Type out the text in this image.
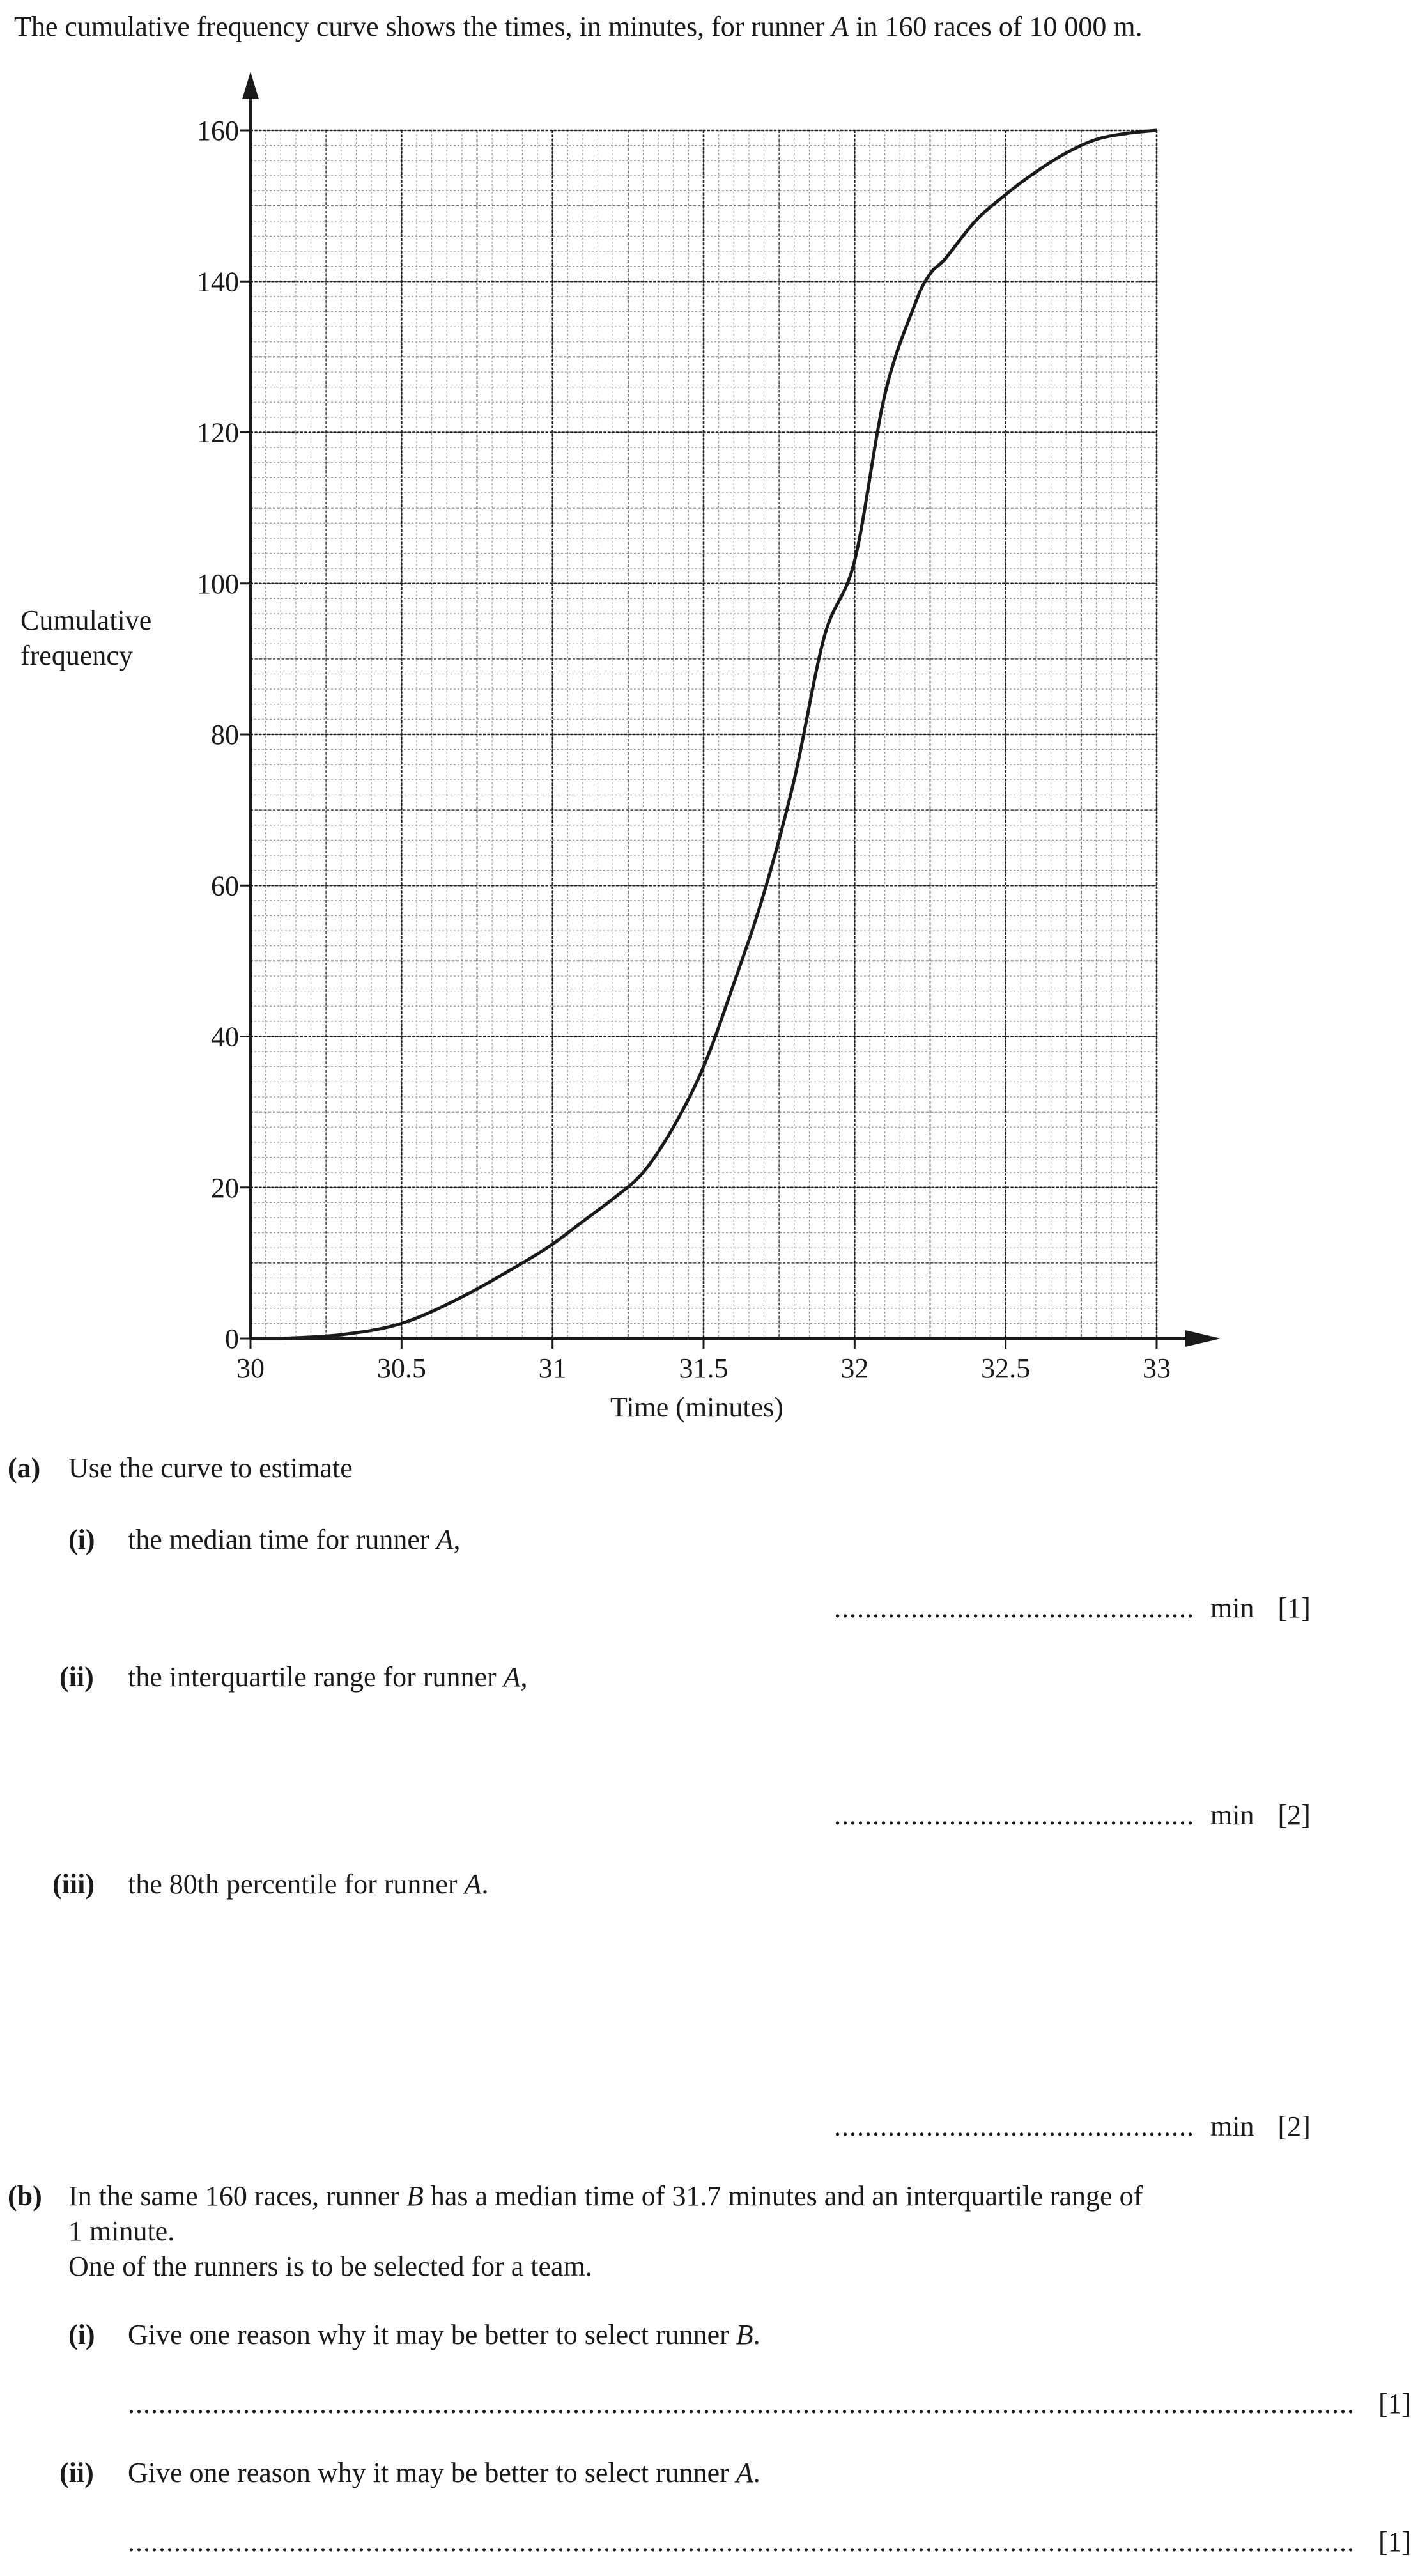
The cumulative frequency curve shows the times, in minutes, for runner A in 160 races of 10 000 m.
Cumulative
frequency
0
20
40
60
80
100
120
140
160
30	30.5	31	31.5	32	32.5	33
Time (minutes)
(a) Use the curve to estimate
(i) the median time for runner A,
............................................... min [1]
(ii) the interquartile range for runner A,
............................................... min [2]
(iii) the 80th percentile for runner A.
............................................... min [2]
(b) In the same 160 races, runner B has a median time of 31.7 minutes and an interquartile range of
1 minute.
One of the runners is to be selected for a team.
(i) Give one reason why it may be better to select runner B.
................................................................................................................................................................ [1]
(ii) Give one reason why it may be better to select runner A.
................................................................................................................................................................ [1]
